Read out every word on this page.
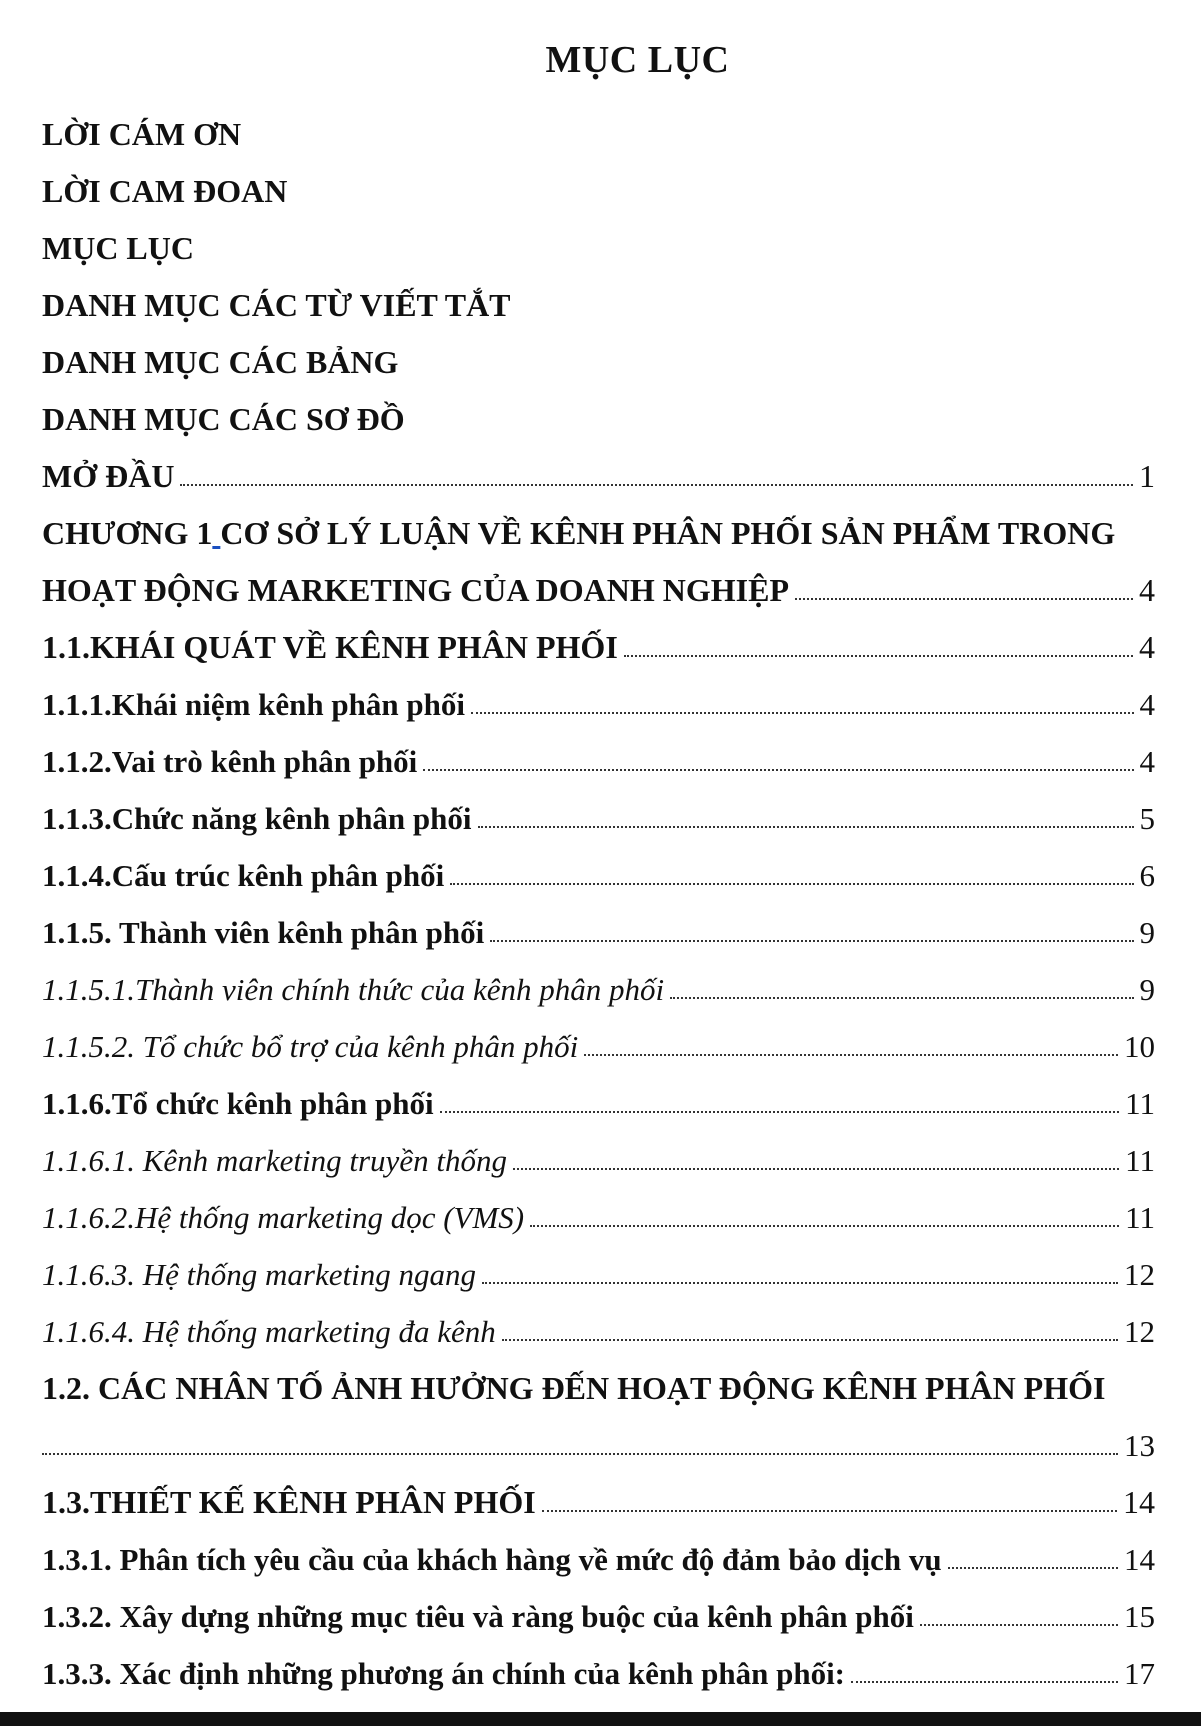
MỤC LỤC
LỜI CÁM ƠN
LỜI CAM ĐOAN
MỤC LỤC
DANH MỤC CÁC TỪ VIẾT TẮT
DANH MỤC CÁC BẢNG
DANH MỤC CÁC SƠ ĐỒ
MỞ ĐẦU	1
CHƯƠNG 1
CƠ SỞ LÝ LUẬN VỀ KÊNH PHÂN PHỐI SẢN PHẨM TRONG
HOẠT ĐỘNG MARKETING CỦA DOANH NGHIỆP	4
1.1.KHÁI QUÁT VỀ KÊNH PHÂN PHỐI	4
1.1.1.Khái niệm kênh phân phối	4
1.1.2.Vai trò kênh phân phối	4
1.1.3.Chức năng kênh phân phối	5
1.1.4.Cấu trúc kênh phân phối	6
1.1.5. Thành viên kênh phân phối	9
1.1.5.1.Thành viên chính thức của kênh phân phối	9
1.1.5.2. Tổ chức bổ trợ của kênh phân phối	10
1.1.6.Tổ chức kênh phân phối	11
1.1.6.1. Kênh marketing truyền thống	11
1.1.6.2.Hệ thống marketing dọc (VMS)	11
1.1.6.3. Hệ thống marketing ngang	12
1.1.6.4. Hệ thống marketing đa kênh	12
1.2. CÁC NHÂN TỐ ẢNH HƯỞNG ĐẾN HOẠT ĐỘNG KÊNH PHÂN PHỐI
13
1.3.THIẾT KẾ KÊNH PHÂN PHỐI	14
1.3.1. Phân tích yêu cầu của khách hàng về mức độ đảm bảo dịch vụ	14
1.3.2. Xây dựng những mục tiêu và ràng buộc của kênh phân phối	15
1.3.3. Xác định những phương án chính của kênh phân phối:	17
